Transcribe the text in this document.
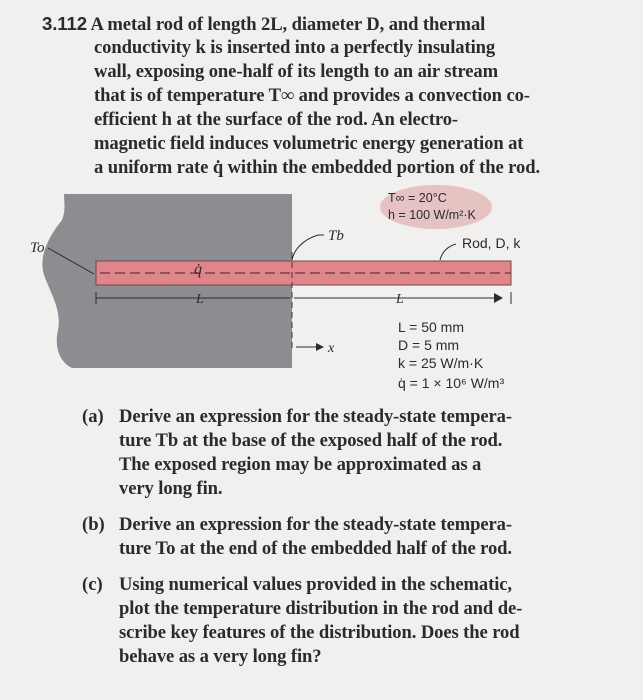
3.112 A metal rod of length 2L, diameter D, and thermal
conductivity k is inserted into a perfectly insulating
wall, exposing one-half of its length to an air stream
that is of temperature T∞ and provides a convection co-
efficient h at the surface of the rod. An electro-
magnetic field induces volumetric energy generation at
a uniform rate q̇ within the embedded portion of the rod.
T∞ = 20°C
h = 100 W/m²·K
q̇
Tb
To	Rod, D, k
L	L
x
L = 50 mm
D = 5 mm
k = 25 W/m·K
q̇ = 1 × 10⁶ W/m³
(a) Derive an expression for the steady-state tempera-
ture Tb at the base of the exposed half of the rod.
The exposed region may be approximated as a
very long fin.
(b) Derive an expression for the steady-state tempera-
ture To at the end of the embedded half of the rod.
(c) Using numerical values provided in the schematic,
plot the temperature distribution in the rod and de-
scribe key features of the distribution. Does the rod
behave as a very long fin?
